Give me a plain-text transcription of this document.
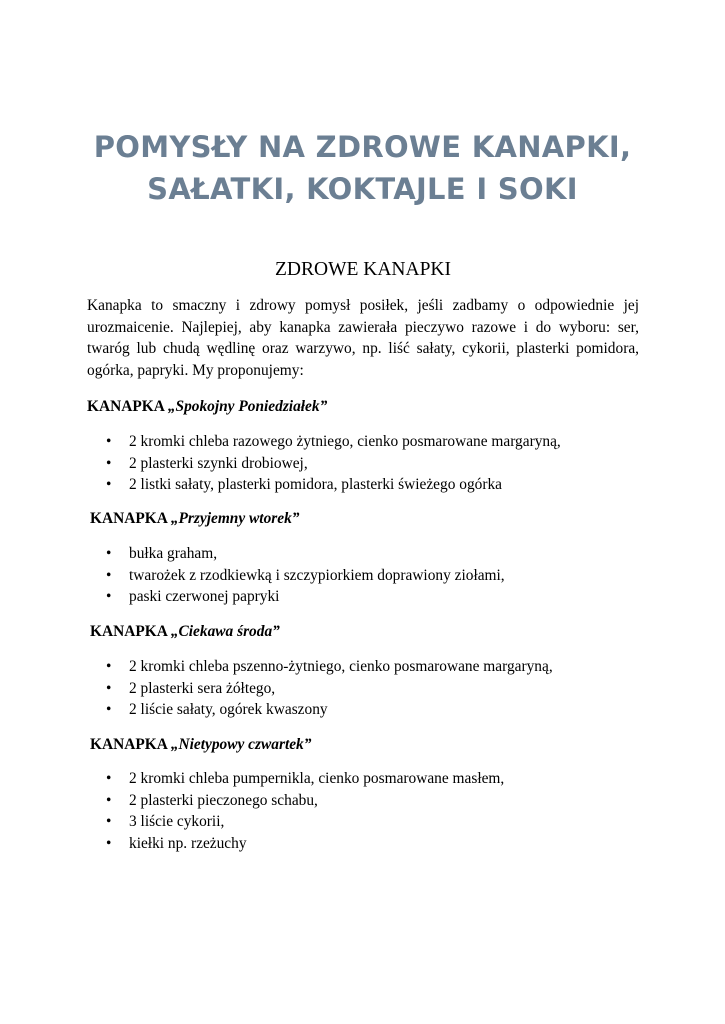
POMYSŁY NA ZDROWE KANAPKI,
SAŁATKI, KOKTAJLE I SOKI
ZDROWE KANAPKI

Kanapka to smaczny i zdrowy pomysł posiłek, jeśli zadbamy o odpowiednie jej urozmaicenie. Najlepiej, aby kanapka zawierała pieczywo razowe i do wyboru: ser, twaróg lub chudą wędlinę oraz warzywo, np. liść sałaty, cykorii, plasterki pomidora, ogórka, papryki. My proponujemy:

KANAPKA „Spokojny Poniedziałek”
• 2 kromki chleba razowego żytniego, cienko posmarowane margaryną,
• 2 plasterki szynki drobiowej,
• 2 listki sałaty, plasterki pomidora, plasterki świeżego ogórka
KANAPKA „Przyjemny wtorek”
• bułka graham,
• twarożek z rzodkiewką i szczypiorkiem doprawiony ziołami,
• paski czerwonej papryki
KANAPKA „Ciekawa środa”
• 2 kromki chleba pszenno-żytniego, cienko posmarowane margaryną,
• 2 plasterki sera żółtego,
• 2 liście sałaty, ogórek kwaszony
KANAPKA „Nietypowy czwartek”
• 2 kromki chleba pumpernikla, cienko posmarowane masłem,
• 2 plasterki pieczonego schabu,
• 3 liście cykorii,
• kiełki np. rzeżuchy
